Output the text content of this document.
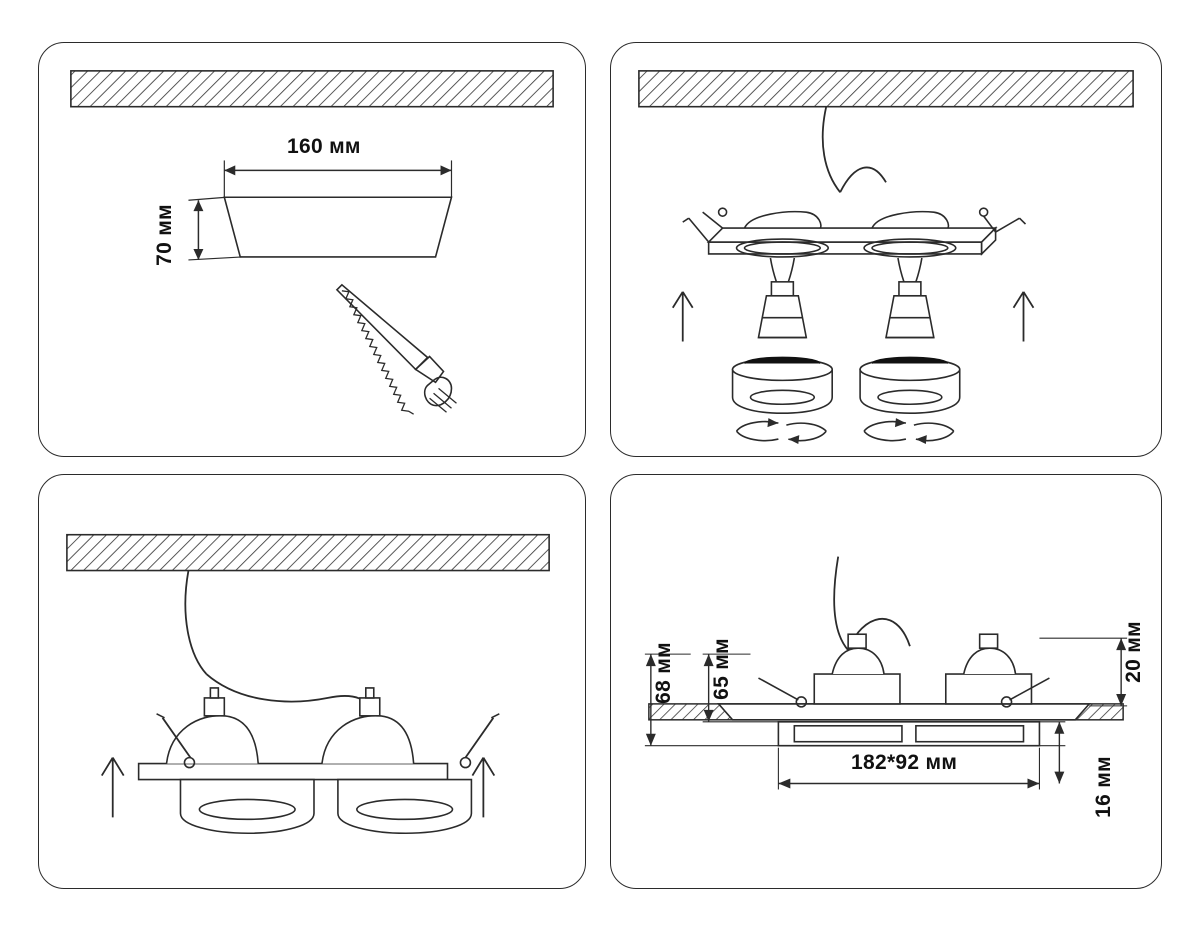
160 мм
70 мм
68 мм 65 мм	20 мм
16 мм
182*92 мм
